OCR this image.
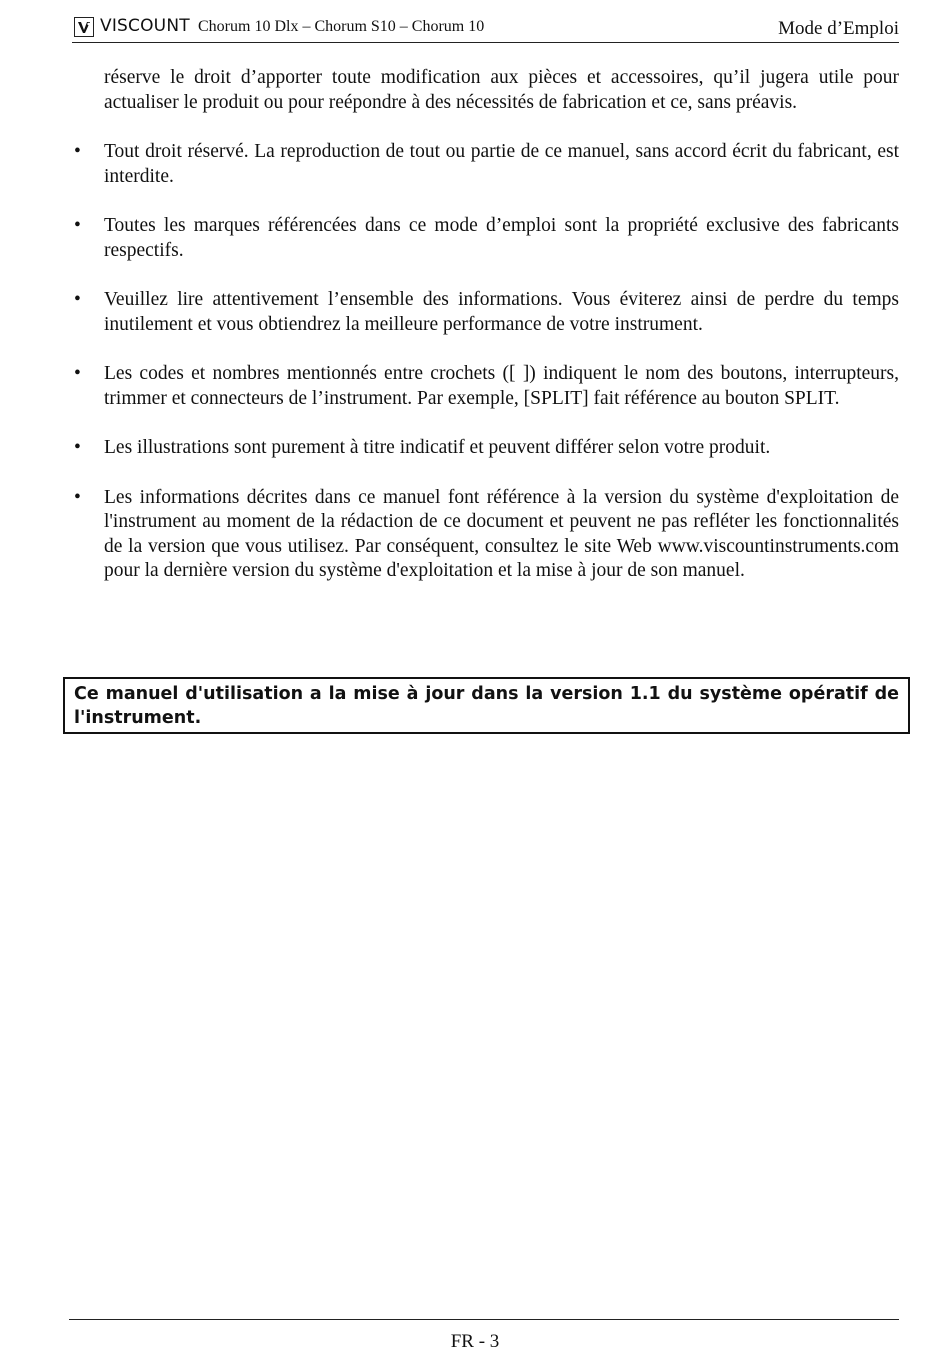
VISCOUNT Chorum 10 Dlx – Chorum S10 – Chorum 10	Mode d’Emploi

réserve le droit d’apporter toute modification aux pièces et accessoires, qu’il jugera utile pour actualiser le produit ou pour reépondre à des nécessités de fabrication et ce, sans préavis.

• Tout droit réservé. La reproduction de tout ou partie de ce manuel, sans accord écrit du fabricant, est interdite.
• Toutes les marques référencées dans ce mode d’emploi sont la propriété exclusive des fabricants respectifs.
• Veuillez lire attentivement l’ensemble des informations. Vous éviterez ainsi de perdre du temps inutilement et vous obtiendrez la meilleure performance de votre instrument.
• Les codes et nombres mentionnés entre crochets ([ ]) indiquent le nom des boutons, interrupteurs, trimmer et connecteurs de l’instrument. Par exemple, [SPLIT] fait référence au bouton SPLIT.
• Les illustrations sont purement à titre indicatif et peuvent différer selon votre produit.
• Les informations décrites dans ce manuel font référence à la version du système d'exploitation de l'instrument au moment de la rédaction de ce document et peuvent ne pas refléter les fonctionnalités de la version que vous utilisez. Par conséquent, consultez le site Web www.viscountinstruments.com pour la dernière version du système d'exploitation et la mise à jour de son manuel.
Ce manuel d'utilisation a la mise à jour dans la version 1.1 du système opératif de l'instrument.
FR - 3
